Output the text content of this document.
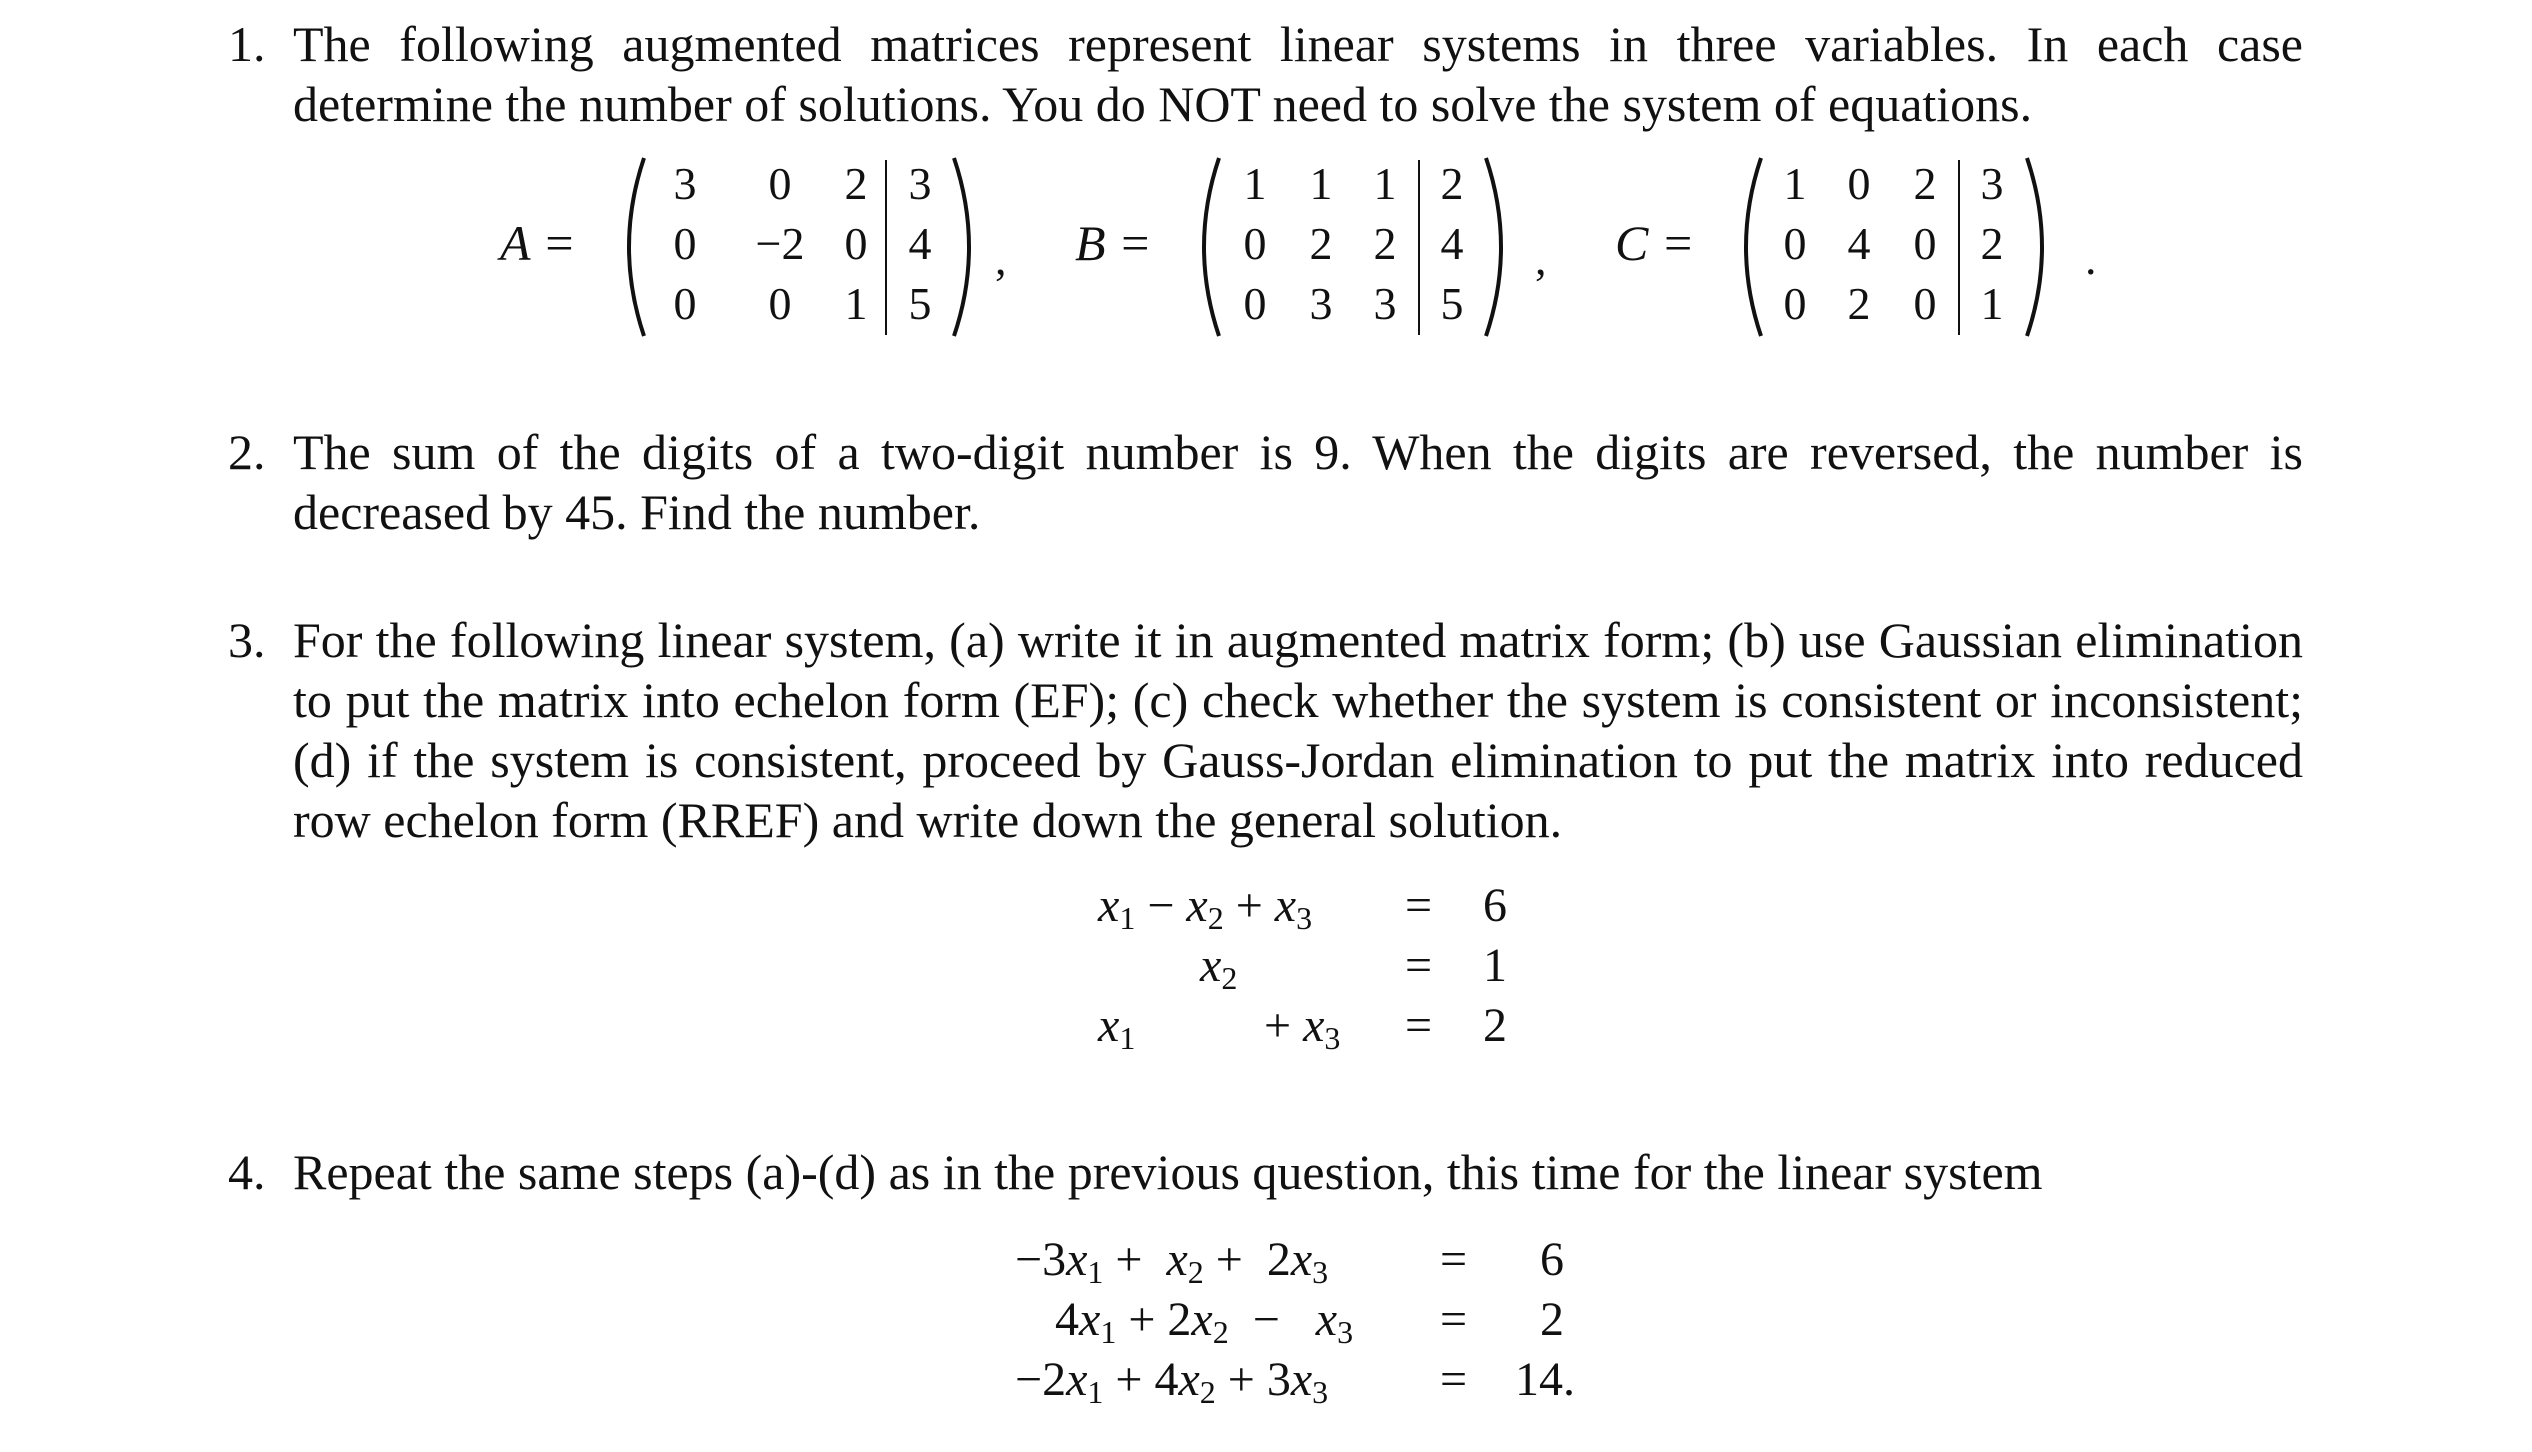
1. The following augmented matrices represent linear systems in three variables. In each case determine the number of solutions. You do NOT need to solve the system of equations.
A =
3 0 2 3
0 −2 0 4
0 0 1 5
, B =
1 1 1 2
0 2 2 4
0 3 3 5
, C =
1 0 2 3
0 4 0 2
0 2 0 1
.
2. The sum of the digits of a two-digit number is 9. When the digits are reversed, the number is decreased by 45. Find the number.
3. For the following linear system, (a) write it in augmented matrix form; (b) use Gaussian elimination to put the matrix into echelon form (EF); (c) check whether the system is consistent or inconsistent; (d) if the system is consistent, proceed by Gauss-Jordan elimination to put the matrix into reduced row echelon form (RREF) and write down the general solution.
$x_1 - x_2 + x_3$
$x_2$
$x_1$	+ $x_3$
=
=
=
6
1
2
4. Repeat the same steps (a)-(d) as in the previous question, this time for the linear system
$-3x_1 + x_2 + 2x_3$
$4x_1 + 2x_2 - x_3$
$-2x_1 + 4x_2 + 3x_3$
=
=
=
6
2
14.
